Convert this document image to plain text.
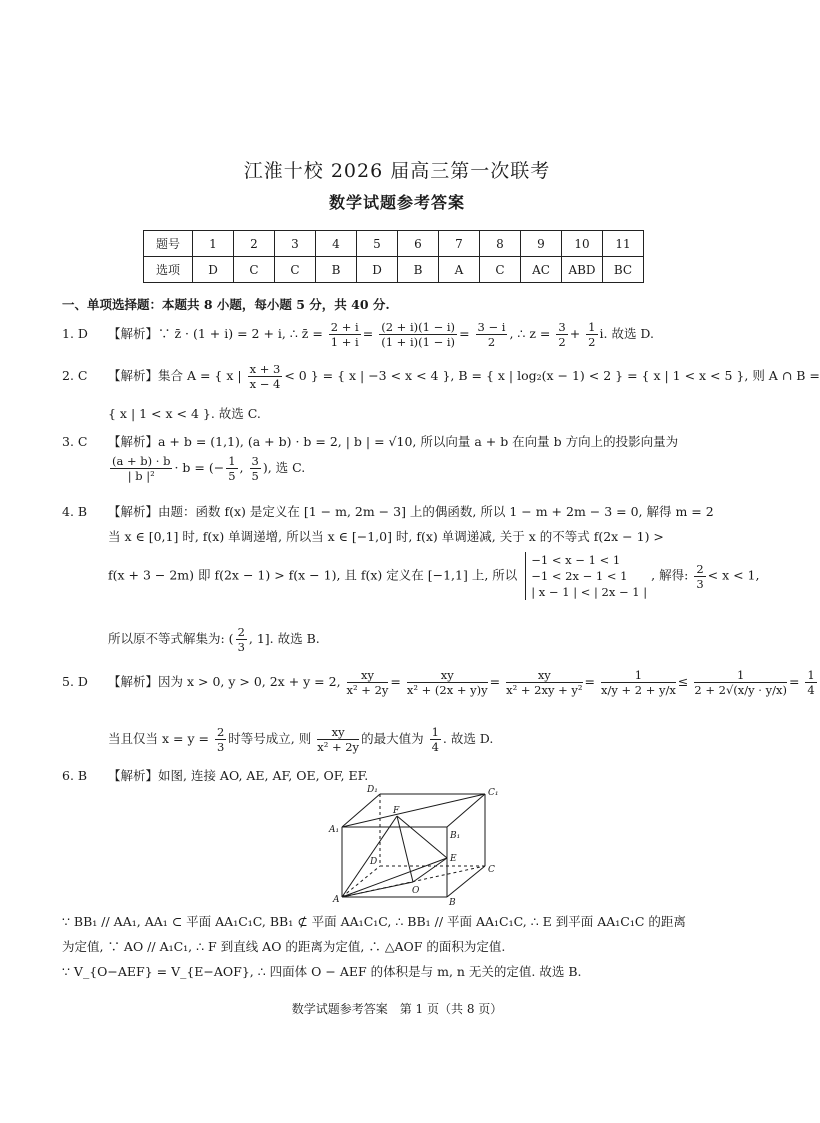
江淮十校 2026 届高三第一次联考
数学试题参考答案
题号	1	2	3	4	5	6	7	8	9	10	11
选项	D	C	C	B	D	B	A	C	AC	ABD	BC
一、单项选择题：本题共 8 小题，每小题 5 分，共 40 分.
1. D 【解析】∵ z̄ · (1 + i) = 2 + i, ∴ z̄ = $\frac{2 + i}{1 + i} = \frac{(2 + i)(1 - i)}{(1 + i)(1 - i)} = \frac{3 - i}{2}$ , ∴ $z = \frac{3}{2} + \frac{1}{2} i$. 故选 D.
2. C 【解析】集合 A = { x | $\frac{x + 3}{x - 4} < 0$ } = { x | −3 < x < 4 }, B = { x | log₂(x − 1) < 2 } = { x | 1 < x < 5 }, 则 A ∩ B =
{ x | 1 < x < 4 }. 故选 C.
3. C 【解析】a + b = (1,1), (a + b) · b = 2, | b | = √10, 所以向量 a + b 在向量 b 方向上的投影向量为
$\frac{(a + b) \cdot b}{\text{| b |²}} \cdot b$ = (− $\frac{1}{5}$ , $\frac{3}{5}$ ), 选 C.
4. B 【解析】由题：函数 f(x) 是定义在 [1 − m, 2m − 3] 上的偶函数, 所以 1 − m + 2m − 3 = 0, 解得 m = 2
当 x ∈ [0,1] 时, f(x) 单调递增, 所以当 x ∈ [−1,0] 时, f(x) 单调递减, 关于 x 的不等式 f(2x − 1) >
f(x + 3 − 2m) 即 f(2x − 1) > f(x − 1), 且 f(x) 定义在 [−1,1] 上, 所以
−1 < x − 1 < 1
−1 < 2x − 1 < 1
| x − 1 | < | 2x − 1 |
, 解得: $\frac{2}{3} < x < 1$,
所以原不等式解集为: ( $\frac{2}{3}$ , 1]. 故选 B.
5. D 【解析】因为 x > 0, y > 0, 2x + y = 2, $\frac{xy}{\text{x² + 2y}} = \frac{xy}{\text{x² + (2x + y)y}} = \frac{xy}{\text{x² + 2xy + y²}} = \frac{1}{x/y + 2 + y/x} \le \frac{1}{2 + 2√(x/y \cdot y/x)} = \frac{1}{4}$
当且仅当 $x = y = \frac{2}{3}$ 时等号成立, 则 $\frac{xy}{\text{x² + 2y}}$ 的最大值为 $\frac{1}{4}$ . 故选 D.
6. B 【解析】如图, 连接 AO, AE, AF, OE, OF, EF.
D₁	C₁
A₁
F
B₁
D	E
C
A
O
B
∵ BB₁ // AA₁, AA₁ ⊂ 平面 AA₁C₁C, BB₁ ⊄ 平面 AA₁C₁C, ∴ BB₁ // 平面 AA₁C₁C, ∴ E 到平面 AA₁C₁C 的距离
为定值, ∵ AO // A₁C₁, ∴ F 到直线 AO 的距离为定值, ∴ △AOF 的面积为定值.
∵ V_{O−AEF} = V_{E−AOF}, ∴ 四面体 O − AEF 的体积是与 m, n 无关的定值. 故选 B.
数学试题参考答案　第 1 页（共 8 页）
